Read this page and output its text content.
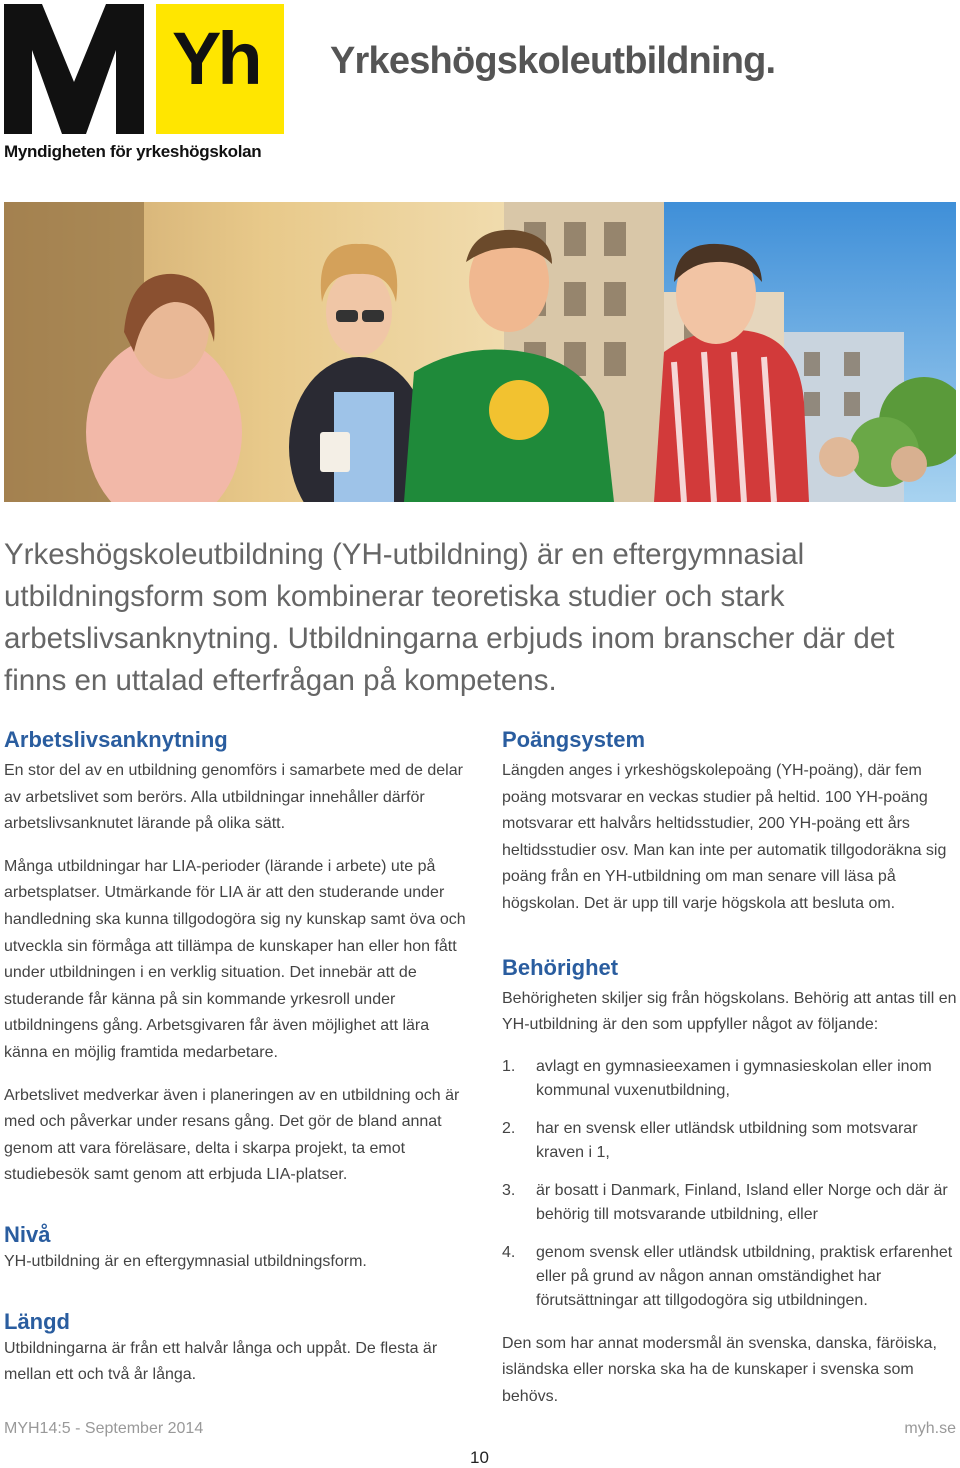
Yh
Myndigheten för yrkeshögskolan
Yrkeshögskoleutbildning.
Yrkeshögskoleutbildning (YH-utbildning) är en eftergymnasial utbildningsform som kombinerar teoretiska studier och stark arbetslivsanknytning. Utbildningarna erbjuds inom branscher där det finns en uttalad efterfrågan på kompetens.
Arbetslivsanknytning
En stor del av en utbildning genomförs i samarbete med de delar av arbetslivet som berörs. Alla utbildningar innehåller därför arbetslivsanknutet lärande på olika sätt.
Många utbildningar har LIA-perioder (lärande i arbete) ute på arbetsplatser. Utmärkande för LIA är att den studerande under handledning ska kunna tillgodogöra sig ny kunskap samt öva och utveckla sin förmåga att tillämpa de kunskaper han eller hon fått under utbildningen i en verklig situation. Det innebär att de studerande får känna på sin kommande yrkesroll under utbildningens gång. Arbetsgivaren får även möjlighet att lära känna en möjlig framtida medarbetare.
Arbetslivet medverkar även i planeringen av en utbildning och är med och påverkar under resans gång. Det gör de bland annat genom att vara föreläsare, delta i skarpa projekt, ta emot studiebesök samt genom att erbjuda LIA-platser.
Nivå
YH-utbildning är en eftergymnasial utbildningsform.
Längd
Utbildningarna är från ett halvår långa och uppåt. De flesta är mellan ett och två år långa.
Poängsystem
Längden anges i yrkeshögskolepoäng (YH-poäng), där fem poäng motsvarar en veckas studier på heltid. 100 YH-poäng motsvarar ett halvårs heltidsstudier, 200 YH-poäng ett års heltidsstudier osv. Man kan inte per automatik tillgodoräkna sig poäng från en YH-utbildning om man senare vill läsa på högskolan. Det är upp till varje högskola att besluta om.
Behörighet
Behörigheten skiljer sig från högskolans. Behörig att antas till en YH-utbildning är den som uppfyller något av följande:
1. avlagt en gymnasieexamen i gymnasieskolan eller inom kommunal vuxenutbildning,
2. har en svensk eller utländsk utbildning som motsvarar kraven i 1,
3. är bosatt i Danmark, Finland, Island eller Norge och där är behörig till motsvarande utbildning, eller
4. genom svensk eller utländsk utbildning, praktisk erfarenhet eller på grund av någon annan omständighet har förutsättningar att tillgodogöra sig utbildningen.
Den som har annat modersmål än svenska, danska, färöiska, isländska eller norska ska ha de kunskaper i svenska som behövs.
MYH14:5 - September 2014	myh.se
10
